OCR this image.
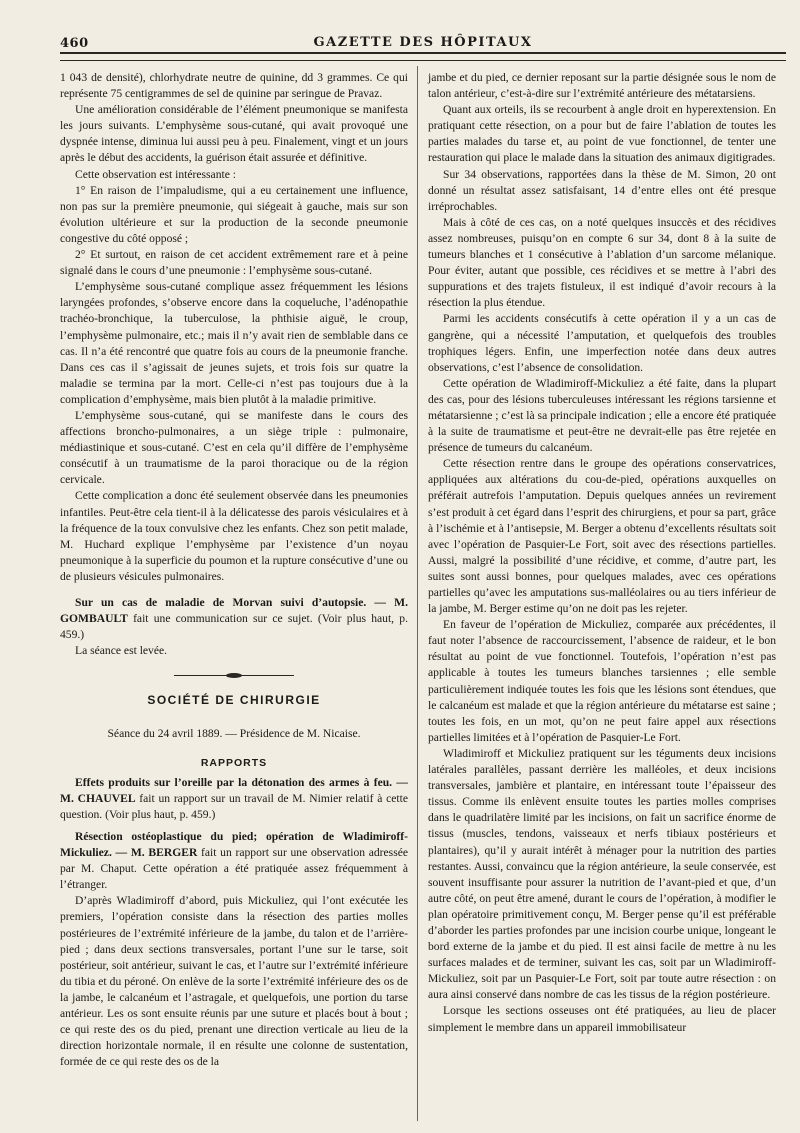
460	GAZETTE DES HÔPITAUX

1 043 de densité), chlorhydrate neutre de quinine, dd 3 grammes. Ce qui représente 75 centigrammes de sel de quinine par seringue de Pravaz.

Une amélioration considérable de l’élément pneumonique se manifesta les jours suivants. L’emphysème sous-cutané, qui avait provoqué une dyspnée intense, diminua lui aussi peu à peu. Finalement, vingt et un jours après le début des accidents, la guérison était assurée et définitive.

Cette observation est intéressante :

1° En raison de l’impaludisme, qui a eu certainement une influence, non pas sur la première pneumonie, qui siégeait à gauche, mais sur son évolution ultérieure et sur la production de la seconde pneumonie congestive du côté opposé ;

2° Et surtout, en raison de cet accident extrêmement rare et à peine signalé dans le cours d’une pneumonie : l’emphysème sous-cutané.

L’emphysème sous-cutané complique assez fréquemment les lésions laryngées profondes, s’observe encore dans la coqueluche, l’adénopathie trachéo-bronchique, la tuberculose, la phthisie aiguë, le croup, l’emphysème pulmonaire, etc.; mais il n’y avait rien de semblable dans ce cas. Il n’a été rencontré que quatre fois au cours de la pneumonie franche. Dans ces cas il s’agissait de jeunes sujets, et trois fois sur quatre la maladie se termina par la mort. Celle-ci n’est pas toujours due à la complication d’emphysème, mais bien plutôt à la maladie primitive.

L’emphysème sous-cutané, qui se manifeste dans le cours des affections broncho-pulmonaires, a un siège triple : pulmonaire, médiastinique et sous-cutané. C’est en cela qu’il diffère de l’emphysème consécutif à un traumatisme de la paroi thoracique ou de la région cervicale.

Cette complication a donc été seulement observée dans les pneumonies infantiles. Peut-être cela tient-il à la délicatesse des parois vésiculaires et à la fréquence de la toux convulsive chez les enfants. Chez son petit malade, M. Huchard explique l’emphysème par l’existence d’un noyau pneumonique à la superficie du poumon et la rupture consécutive d’une ou de plusieurs vésicules pulmonaires.

Sur un cas de maladie de Morvan suivi d’autopsie. — M. GOMBAULT fait une communication sur ce sujet. (Voir plus haut, p. 459.)

La séance est levée.

SOCIÉTÉ DE CHIRURGIE

Séance du 24 avril 1889. — Présidence de M. Nicaise.

RAPPORTS

Effets produits sur l’oreille par la détonation des armes à feu. — M. CHAUVEL fait un rapport sur un travail de M. Nimier relatif à cette question. (Voir plus haut, p. 459.)

Résection ostéoplastique du pied; opération de Wladimiroff-Mickuliez. — M. BERGER fait un rapport sur une observation adressée par M. Chaput. Cette opération a été pratiquée assez fréquemment à l’étranger.

D’après Wladimiroff d’abord, puis Mickuliez, qui l’ont exécutée les premiers, l’opération consiste dans la résection des parties molles postérieures de l’extrémité inférieure de la jambe, du talon et de l’arrière-pied ; dans deux sections transversales, portant l’une sur le tarse, soit postérieur, soit antérieur, suivant le cas, et l’autre sur l’extrémité inférieure du tibia et du péroné. On enlève de la sorte l’extrémité inférieure des os de la jambe, le calcanéum et l’astragale, et quelquefois, une portion du tarse antérieur. Les os sont ensuite réunis par une suture et placés bout à bout ; ce qui reste des os du pied, prenant une direction verticale au lieu de la direction horizontale normale, il en résulte une colonne de sustentation, formée de ce qui reste des os de la

jambe et du pied, ce dernier reposant sur la partie désignée sous le nom de talon antérieur, c’est-à-dire sur l’extrémité antérieure des métatarsiens.

Quant aux orteils, ils se recourbent à angle droit en hyperextension. En pratiquant cette résection, on a pour but de faire l’ablation de toutes les parties malades du tarse et, au point de vue fonctionnel, de tenter une restauration qui place le malade dans la situation des animaux digitigrades.

Sur 34 observations, rapportées dans la thèse de M. Simon, 20 ont donné un résultat assez satisfaisant, 14 d’entre elles ont été presque irréprochables.

Mais à côté de ces cas, on a noté quelques insuccès et des récidives assez nombreuses, puisqu’on en compte 6 sur 34, dont 8 à la suite de tumeurs blanches et 1 consécutive à l’ablation d’un sarcome mélanique. Pour éviter, autant que possible, ces récidives et se mettre à l’abri des suppurations et des trajets fistuleux, il est indiqué d’avoir recours à la résection la plus étendue.

Parmi les accidents consécutifs à cette opération il y a un cas de gangrène, qui a nécessité l’amputation, et quelquefois des troubles trophiques légers. Enfin, une imperfection notée dans deux autres observations, c’est l’absence de consolidation.

Cette opération de Wladimiroff-Mickuliez a été faite, dans la plupart des cas, pour des lésions tuberculeuses intéressant les régions tarsienne et métatarsienne ; c’est là sa principale indication ; elle a encore été pratiquée à la suite de traumatisme et peut-être ne devrait-elle pas être rejetée en présence de tumeurs du calcanéum.

Cette résection rentre dans le groupe des opérations conservatrices, appliquées aux altérations du cou-de-pied, opérations auxquelles on préférait autrefois l’amputation. Depuis quelques années un revirement s’est produit à cet égard dans l’esprit des chirurgiens, et pour sa part, grâce à l’ischémie et à l’antisepsie, M. Berger a obtenu d’excellents résultats soit avec l’opération de Pasquier-Le Fort, soit avec des résections partielles. Aussi, malgré la possibilité d’une récidive, et comme, d’autre part, les suites sont aussi bonnes, pour quelques malades, avec ces opérations partielles qu’avec les amputations sus-malléolaires ou au tiers inférieur de la jambe, M. Berger estime qu’on ne doit pas les rejeter.

En faveur de l’opération de Mickuliez, comparée aux précédentes, il faut noter l’absence de raccourcissement, l’absence de raideur, et le bon résultat au point de vue fonctionnel. Toutefois, l’opération n’est pas applicable à toutes les tumeurs blanches tarsiennes ; elle semble particulièrement indiquée toutes les fois que les lésions sont étendues, que le calcanéum est malade et que la région antérieure du métatarse est saine ; toutes les fois, en un mot, qu’on ne peut faire appel aux résections partielles limitées et à l’opération de Pasquier-Le Fort.

Wladimiroff et Mickuliez pratiquent sur les téguments deux incisions latérales parallèles, passant derrière les malléoles, et deux incisions transversales, jambière et plantaire, en intéressant toute l’épaisseur des tissus. Comme ils enlèvent ensuite toutes les parties molles comprises dans le quadrilatère limité par les incisions, on fait un sacrifice énorme de tissus (muscles, tendons, vaisseaux et nerfs tibiaux postérieurs et plantaires), qu’il y aurait intérêt à ménager pour la nutrition des parties restantes. Aussi, convaincu que la région antérieure, la seule conservée, est souvent insuffisante pour assurer la nutrition de l’avant-pied et que, d’un autre côté, on peut être amené, durant le cours de l’opération, à modifier le plan opératoire primitivement conçu, M. Berger pense qu’il est préférable d’aborder les parties profondes par une incision courbe unique, longeant le bord externe de la jambe et du pied. Il est ainsi facile de mettre à nu les surfaces malades et de terminer, suivant les cas, soit par un Wladimiroff-Mickuliez, soit par un Pasquier-Le Fort, soit par toute autre résection : on aura ainsi conservé dans nombre de cas les tissus de la région postérieure.

Lorsque les sections osseuses ont été pratiquées, au lieu de placer simplement le membre dans un appareil immobilisateur
